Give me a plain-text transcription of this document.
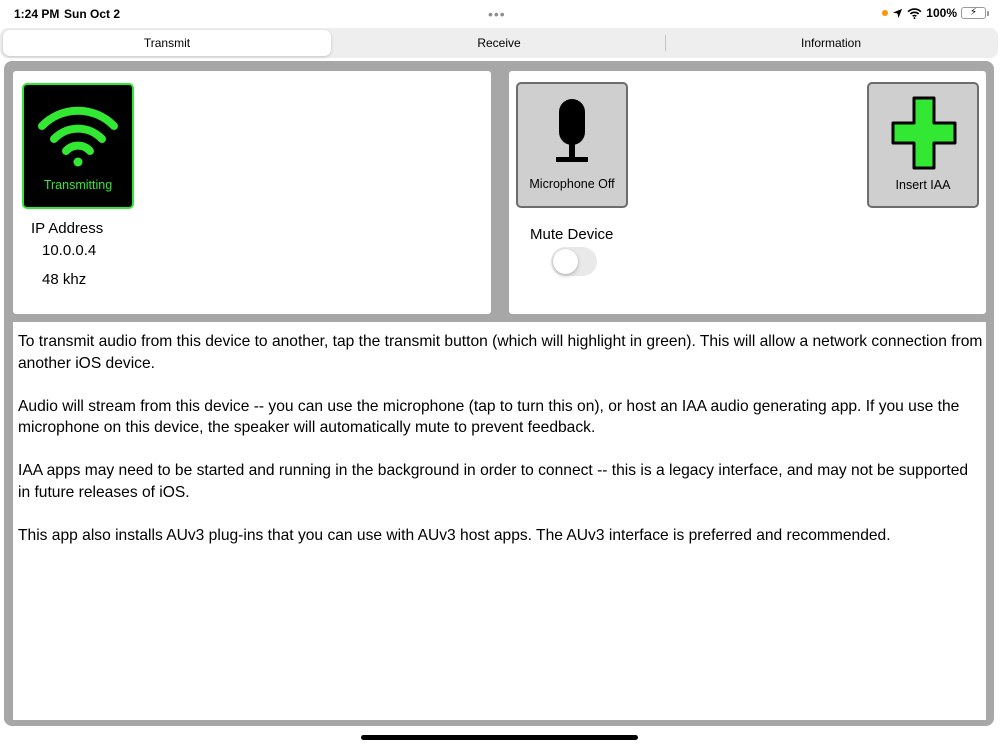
1:24 PM Sun Oct 2	•••	100% ⚡
Transmit	Receive	Information
Transmitting
IP Address
10.0.0.4
48 khz
Microphone Off	Insert IAA
Mute Device

To transmit audio from this device to another, tap the transmit button (which will highlight in green). This will allow a network connection from another iOS device.

Audio will stream from this device -- you can use the microphone (tap to turn this on), or host an IAA audio generating app. If you use the microphone on this device, the speaker will automatically mute to prevent feedback.

IAA apps may need to be started and running in the background in order to connect -- this is a legacy interface, and may not be supported in future releases of iOS.

This app also installs AUv3 plug-ins that you can use with AUv3 host apps. The AUv3 interface is preferred and recommended.
